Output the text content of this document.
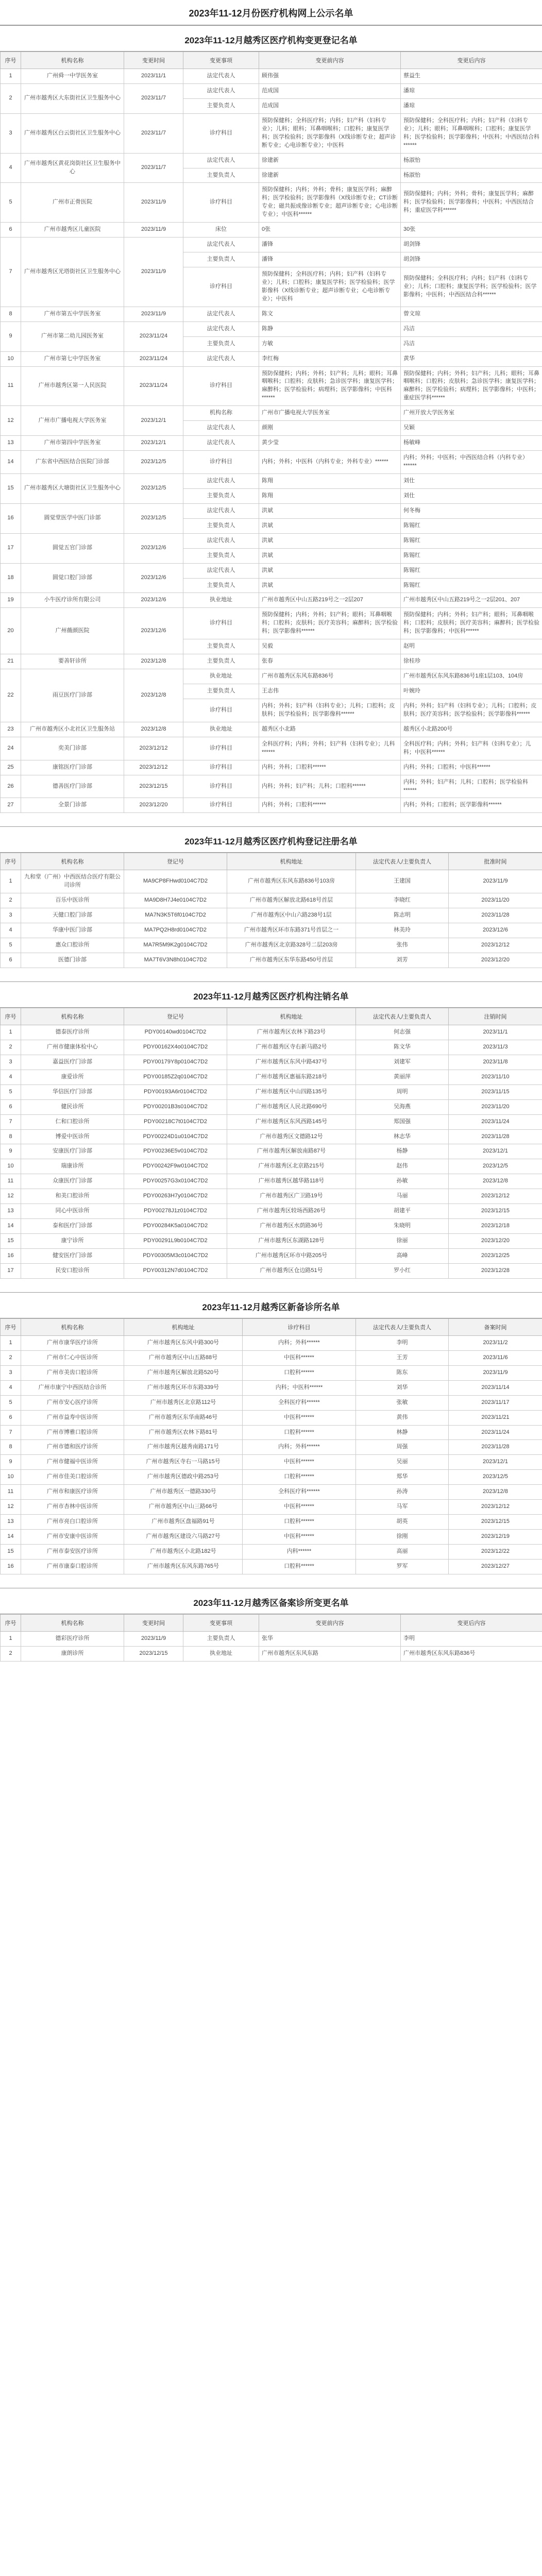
2023年11-12月份医疗机构网上公示名单
2023年11-12月越秀区医疗机构变更登记名单
序号	机构名称	变更时间	变更事项	变更前内容	变更后内容
1	广州舜一中学医务室	2023/11/1	法定代表人	顾伟强	蔡益生
2	广州市越秀区大东街社区卫生服务中心	2023/11/7	法定代表人	范成国	潘琼
			主要负责人	范成国	潘琼
3	广州市越秀区白云街社区卫生服务中心	2023/11/7	诊疗科目	预防保健科；全科医疗科；内科；妇产科（妇科专业）；儿科；眼科；耳鼻咽喉科；口腔科；康复医学科；医学检验科；医学影像科（X线诊断专业；超声诊断专业；心电诊断专业）；中医科	预防保健科；全科医疗科；内科；妇产科（妇科专业）；儿科；眼科；耳鼻咽喉科；口腔科；康复医学科；医学检验科；医学影像科；中医科；中西医结合科******
4	广州市越秀区黄花岗街社区卫生服务中心	2023/11/7	法定代表人	徐建新	杨淑怡
			主要负责人	徐建新	杨淑怡
5	广州市正骨医院	2023/11/9	诊疗科目	预防保健科；内科；外科；骨科；康复医学科；麻醉科；医学检验科；医学影像科（X线诊断专业；CT诊断专业；磁共振成像诊断专业；超声诊断专业；心电诊断专业）；中医科******	预防保健科；内科；外科；骨科；康复医学科；麻醉科；医学检验科；医学影像科；中医科；中西医结合科；重症医学科******
6	广州市越秀区儿童医院	2023/11/9	床位	0张	30张
7	广州市越秀区光塔街社区卫生服务中心	2023/11/9	法定代表人	潘锋	胡剑锋
			主要负责人	潘锋	胡剑锋
			诊疗科目	预防保健科；全科医疗科；内科；妇产科（妇科专业）；儿科；口腔科；康复医学科；医学检验科；医学影像科（X线诊断专业；超声诊断专业；心电诊断专业）；中医科	预防保健科；全科医疗科；内科；妇产科（妇科专业）；儿科；口腔科；康复医学科；医学检验科；医学影像科；中医科；中西医结合科******
8	广州市第五中学医务室	2023/11/9	法定代表人	陈文	曾文琼
9	广州市第二幼儿园医务室	2023/11/24	法定代表人	陈静	冯洁
			主要负责人	方敏	冯洁
10	广州市第七中学医务室	2023/11/24	法定代表人	李红梅	黄华
11	广州市越秀区第一人民医院	2023/11/24	诊疗科目	预防保健科；内科；外科；妇产科；儿科；眼科；耳鼻咽喉科；口腔科；皮肤科；急诊医学科；康复医学科；麻醉科；医学检验科；病理科；医学影像科；中医科******	预防保健科；内科；外科；妇产科；儿科；眼科；耳鼻咽喉科；口腔科；皮肤科；急诊医学科；康复医学科；麻醉科；医学检验科；病理科；医学影像科；中医科；重症医学科******
12	广州市广播电视大学医务室	2023/12/1	机构名称	广州市广播电视大学医务室	广州开放大学医务室
			法定代表人	颜刚	吴颖
13	广州市第四中学医务室	2023/12/1	法定代表人	黄少莹	杨敏峰
14	广东省中西医结合医院门诊部	2023/12/5	诊疗科目	内科；外科；中医科（内科专业；外科专业）******	内科；外科；中医科；中西医结合科（内科专业）******
15	广州市越秀区大塘街社区卫生服务中心	2023/12/5	法定代表人	陈翔	刘仕
			主要负责人	陈翔	刘仕
16	圆觉堂医学中医门诊部	2023/12/5	法定代表人	洪斌	何冬梅
			主要负责人	洪斌	陈锡红
17	圆觉五官门诊部	2023/12/6	法定代表人	洪斌	陈锡红
			主要负责人	洪斌	陈锡红
18	圆觉口腔门诊部	2023/12/6	法定代表人	洪斌	陈锡红
			主要负责人	洪斌	陈锡红
19	小牛医疗诊所有限公司	2023/12/6	执业地址	广州市越秀区中山五路219号之一2层207	广州市越秀区中山五路219号之一2层201、207
20	广州薇颜医院	2023/12/6	诊疗科目	预防保健科；内科；外科；妇产科；眼科；耳鼻咽喉科；口腔科；皮肤科；医疗美容科；麻醉科；医学检验科；医学影像科******	预防保健科；内科；外科；妇产科；眼科；耳鼻咽喉科；口腔科；皮肤科；医疗美容科；麻醉科；医学检验科；医学影像科；中医科******
			主要负责人	吴毅	赵明
21	要善轩诊所	2023/12/8	主要负责人	张春	徐桂珍
22	雨豆医疗门诊部	2023/12/8	执业地址	广州市越秀区东风东路836号	广州市越秀区东风东路836号1座1层103、104房
			主要负责人	王志伟	叶婉玲
			诊疗科目	内科；外科；妇产科（妇科专业）；儿科；口腔科；皮肤科；医学检验科；医学影像科******	内科；外科；妇产科（妇科专业）；儿科；口腔科；皮肤科；医疗美容科；医学检验科；医学影像科******
23	广州市越秀区小北社区卫生服务站	2023/12/8	执业地址	越秀区小北路	越秀区小北路200号
24	奕美门诊部	2023/12/12	诊疗科目	全科医疗科；内科；外科；妇产科（妇科专业）；儿科******	全科医疗科；内科；外科；妇产科（妇科专业）；儿科；中医科******
25	康铭医疗门诊部	2023/12/12	诊疗科目	内科；外科；口腔科******	内科；外科；口腔科；中医科******
26	德善医疗门诊部	2023/12/15	诊疗科目	内科；外科；妇产科；儿科；口腔科******	内科；外科；妇产科；儿科；口腔科；医学检验科******
27	全景门诊部	2023/12/20	诊疗科目	内科；外科；口腔科******	内科；外科；口腔科；医学影像科******
2023年11-12月越秀区医疗机构登记注册名单
序号	机构名称	登记号	机构地址	法定代表人/主要负责人	批准时间
1	九和堂（广州）中西医结合医疗有限公司诊所	MA9CP8FHwd0104C7D2	广州市越秀区东风东路836号103房	王建国	2023/11/9
2	百乐中医诊所	MA9D8H7J4e0104C7D2	广州市越秀区解放北路618号首层	李晓红	2023/11/20
3	天健口腔门诊部	MA7N3K5T6f0104C7D2	广州市越秀区中山六路238号1层	陈志明	2023/11/28
4	华康中医门诊部	MA7PQ2H8rd0104C7D2	广州市越秀区环市东路371号首层之一	林美玲	2023/12/6
5	惠众口腔诊所	MA7R5M9K2g0104C7D2	广州市越秀区北京路328号二层203房	张伟	2023/12/12
6	医德门诊部	MA7T6V3N8h0104C7D2	广州市越秀区东华东路450号首层	刘芳	2023/12/20
2023年11-12月越秀区医疗机构注销名单
序号	机构名称	登记号	机构地址	法定代表人/主要负责人	注销时间
1	德泰医疗诊所	PDY00140wd0104C7D2	广州市越秀区农林下路23号	何志强	2023/11/1
2	广州市健康体检中心	PDY00162X4o0104C7D2	广州市越秀区寺右新马路2号	陈文华	2023/11/3
3	嘉益医疗门诊部	PDY00179Y8p0104C7D2	广州市越秀区东风中路437号	刘建军	2023/11/8
4	康爱诊所	PDY00185Z2q0104C7D2	广州市越秀区惠福东路218号	黄丽萍	2023/11/10
5	华信医疗门诊部	PDY00193A6r0104C7D2	广州市越秀区中山四路135号	周明	2023/11/15
6	健民诊所	PDY00201B3s0104C7D2	广州市越秀区人民北路690号	吴海燕	2023/11/20
7	仁和口腔诊所	PDY00218C7t0104C7D2	广州市越秀区东风西路145号	郑国强	2023/11/24
8	博爱中医诊所	PDY00224D1u0104C7D2	广州市越秀区文德路12号	林志华	2023/11/28
9	安康医疗门诊部	PDY00236E5v0104C7D2	广州市越秀区解放南路87号	杨静	2023/12/1
10	瑞康诊所	PDY00242F9w0104C7D2	广州市越秀区北京路215号	赵伟	2023/12/5
11	众康医疗门诊部	PDY00257G3x0104C7D2	广州市越秀区越华路118号	孙敏	2023/12/8
12	和美口腔诊所	PDY00263H7y0104C7D2	广州市越秀区广卫路19号	马丽	2023/12/12
13	同心中医诊所	PDY00278J1z0104C7D2	广州市越秀区较场西路26号	胡建平	2023/12/15
14	泰和医疗门诊部	PDY00284K5a0104C7D2	广州市越秀区水荫路36号	朱晓明	2023/12/18
15	康宁诊所	PDY00291L9b0104C7D2	广州市越秀区东湖路128号	徐丽	2023/12/20
16	健安医疗门诊部	PDY00305M3c0104C7D2	广州市越秀区环市中路205号	高峰	2023/12/25
17	民安口腔诊所	PDY00312N7d0104C7D2	广州市越秀区仓边路51号	罗小红	2023/12/28
2023年11-12月越秀区新备诊所名单
序号	机构名称	机构地址	诊疗科目	法定代表人/主要负责人	备案时间
1	广州市康华医疗诊所	广州市越秀区东风中路300号	内科；外科******	李明	2023/11/2
2	广州市仁心中医诊所	广州市越秀区中山五路88号	中医科******	王芳	2023/11/6
3	广州市美齿口腔诊所	广州市越秀区解放北路520号	口腔科******	陈东	2023/11/9
4	广州市康宁中西医结合诊所	广州市越秀区环市东路339号	内科；中医科******	刘华	2023/11/14
5	广州市安心医疗诊所	广州市越秀区北京路112号	全科医疗科******	张敏	2023/11/17
6	广州市益寿中医诊所	广州市越秀区东华南路46号	中医科******	黄伟	2023/11/21
7	广州市博雅口腔诊所	广州市越秀区农林下路81号	口腔科******	林静	2023/11/24
8	广州市德和医疗诊所	广州市越秀区越秀南路171号	内科；外科******	周强	2023/11/28
9	广州市健福中医诊所	广州市越秀区寺右一马路15号	中医科******	吴丽	2023/12/1
10	广州市佳美口腔诊所	广州市越秀区德政中路253号	口腔科******	郑华	2023/12/5
11	广州市和康医疗诊所	广州市越秀区一德路330号	全科医疗科******	孙涛	2023/12/8
12	广州市杏林中医诊所	广州市越秀区中山三路66号	中医科******	马军	2023/12/12
13	广州市亮白口腔诊所	广州市越秀区盘福路91号	口腔科******	胡英	2023/12/15
14	广州市安康中医诊所	广州市越秀区建设六马路27号	中医科******	徐刚	2023/12/19
15	广州市泰安医疗诊所	广州市越秀区小北路182号	内科******	高丽	2023/12/22
16	广州市康泰口腔诊所	广州市越秀区东风东路765号	口腔科******	罗军	2023/12/27
2023年11-12月越秀区备案诊所变更名单
序号	机构名称	变更时间	变更事项	变更前内容	变更后内容
1	德彩医疗诊所	2023/11/9	主要负责人	张华	李明
2	康朗诊所	2023/12/15	执业地址	广州市越秀区东风东路	广州市越秀区东风东路836号
